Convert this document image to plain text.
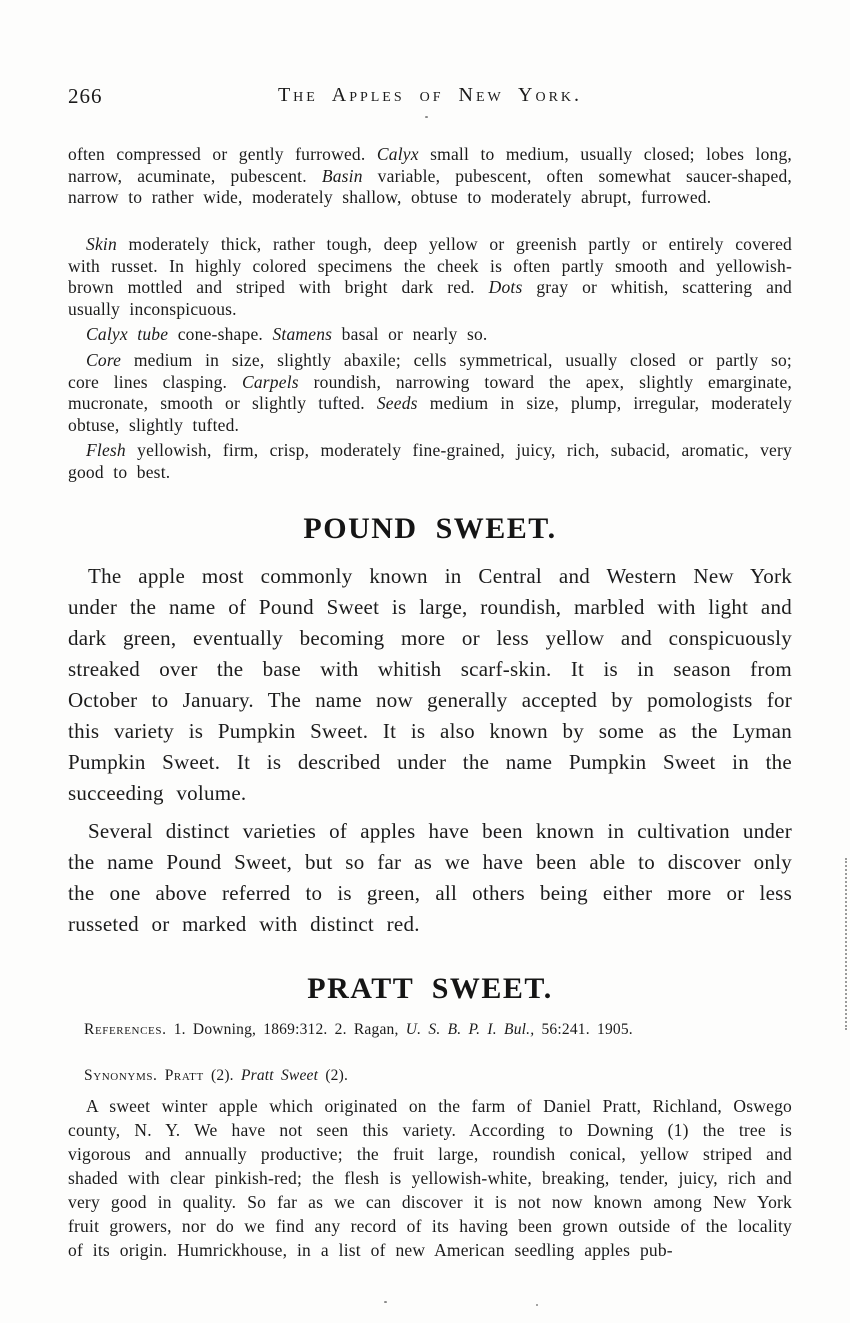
266	The Apples of New York.

often compressed or gently furrowed. Calyx small to medium, usually closed; lobes long, narrow, acuminate, pubescent. Basin variable, pubescent, often somewhat saucer-shaped, narrow to rather wide, moderately shallow, obtuse to moderately abrupt, furrowed.

Skin moderately thick, rather tough, deep yellow or greenish partly or entirely covered with russet. In highly colored specimens the cheek is often partly smooth and yellowish-brown mottled and striped with bright dark red. Dots gray or whitish, scattering and usually inconspicuous.

Calyx tube cone-shape. Stamens basal or nearly so.

Core medium in size, slightly abaxile; cells symmetrical, usually closed or partly so; core lines clasping. Carpels roundish, narrowing toward the apex, slightly emarginate, mucronate, smooth or slightly tufted. Seeds medium in size, plump, irregular, moderately obtuse, slightly tufted.

Flesh yellowish, firm, crisp, moderately fine-grained, juicy, rich, subacid, aromatic, very good to best.

POUND SWEET.

The apple most commonly known in Central and Western New York under the name of Pound Sweet is large, roundish, marbled with light and dark green, eventually becoming more or less yellow and conspicuously streaked over the base with whitish scarf-skin. It is in season from October to January. The name now generally accepted by pomologists for this variety is Pumpkin Sweet. It is also known by some as the Lyman Pumpkin Sweet. It is described under the name Pumpkin Sweet in the succeeding volume.

Several distinct varieties of apples have been known in cultivation under the name Pound Sweet, but so far as we have been able to discover only the one above referred to is green, all others being either more or less russeted or marked with distinct red.

PRATT SWEET.

References. 1. Downing, 1869:312. 2. Ragan, U. S. B. P. I. Bul., 56:241. 1905.

Synonyms. Pratt (2). Pratt Sweet (2).

A sweet winter apple which originated on the farm of Daniel Pratt, Richland, Oswego county, N. Y. We have not seen this variety. According to Downing (1) the tree is vigorous and annually productive; the fruit large, roundish conical, yellow striped and shaded with clear pinkish-red; the flesh is yellowish-white, breaking, tender, juicy, rich and very good in quality. So far as we can discover it is not now known among New York fruit growers, nor do we find any record of its having been grown outside of the locality of its origin. Humrickhouse, in a list of new American seedling apples pub-
